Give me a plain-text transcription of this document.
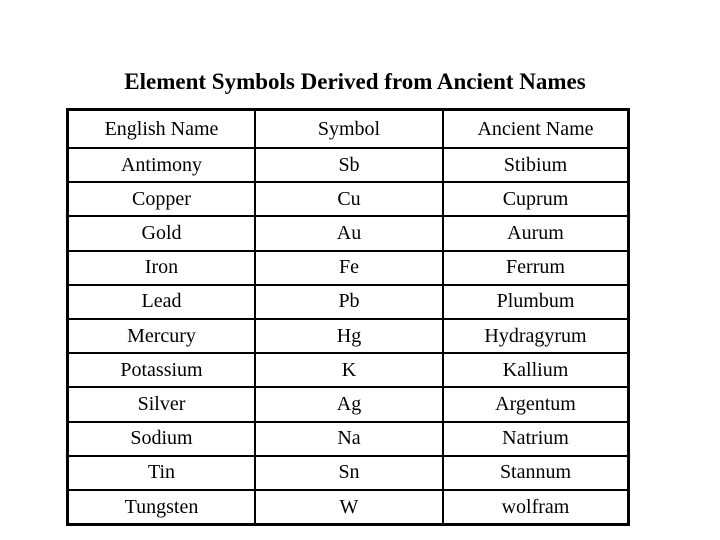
Element Symbols Derived from Ancient Names
English Name	Symbol	Ancient Name
Antimony	Sb	Stibium
Copper	Cu	Cuprum
Gold	Au	Aurum
Iron	Fe	Ferrum
Lead	Pb	Plumbum
Mercury	Hg	Hydragyrum
Potassium	K	Kallium
Silver	Ag	Argentum
Sodium	Na	Natrium
Tin	Sn	Stannum
Tungsten	W	wolfram
